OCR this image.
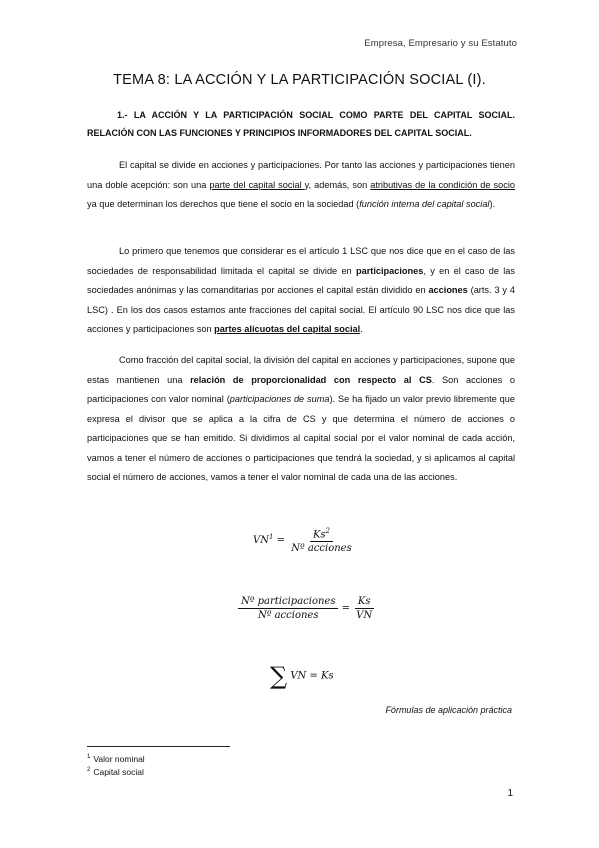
Empresa, Empresario y su Estatuto
TEMA 8: LA ACCIÓN Y LA PARTICIPACIÓN SOCIAL (I).
1.- LA ACCIÓN Y LA PARTICIPACIÓN SOCIAL COMO PARTE DEL CAPITAL SOCIAL. RELACIÓN CON LAS FUNCIONES Y PRINCIPIOS INFORMADORES DEL CAPITAL SOCIAL.
El capital se divide en acciones y participaciones. Por tanto las acciones y participaciones tienen una doble acepción: son una parte del capital social y, además, son atributivas de la condición de socio ya que determinan los derechos que tiene el socio en la sociedad (función interna del capital social).
Lo primero que tenemos que considerar es el artículo 1 LSC que nos dice que en el caso de las sociedades de responsabilidad limitada el capital se divide en participaciones, y en el caso de las sociedades anónimas y las comanditarias por acciones el capital están dividido en acciones (arts. 3 y 4 LSC) . En los dos casos estamos ante fracciones del capital social. El artículo 90 LSC nos dice que las acciones y participaciones son partes alícuotas del capital social.
Como fracción del capital social, la división del capital en acciones y participaciones, supone que estas mantienen una relación de proporcionalidad con respecto al CS. Son acciones o participaciones con valor nominal (participaciones de suma). Se ha fijado un valor previo libremente que expresa el divisor que se aplica a la cifra de CS y que determina el número de acciones o participaciones que se han emitido. Si dividimos al capital social por el valor nominal de cada acción, vamos a tener el número de acciones o participaciones que tendrá la sociedad, y si aplicamos al capital social el número de acciones, vamos a tener el valor nominal de cada una de las acciones.
$VN^1 = \frac{Ks^2}{\text{Nº acciones}}$
$\frac{\text{Nº participaciones}}{\text{Nº acciones}} = \frac{Ks}{VN}$
∑ VN = Ks
Fórmulas de aplicación práctica
$^1$ Valor nominal
$^2$ Capital social
1
